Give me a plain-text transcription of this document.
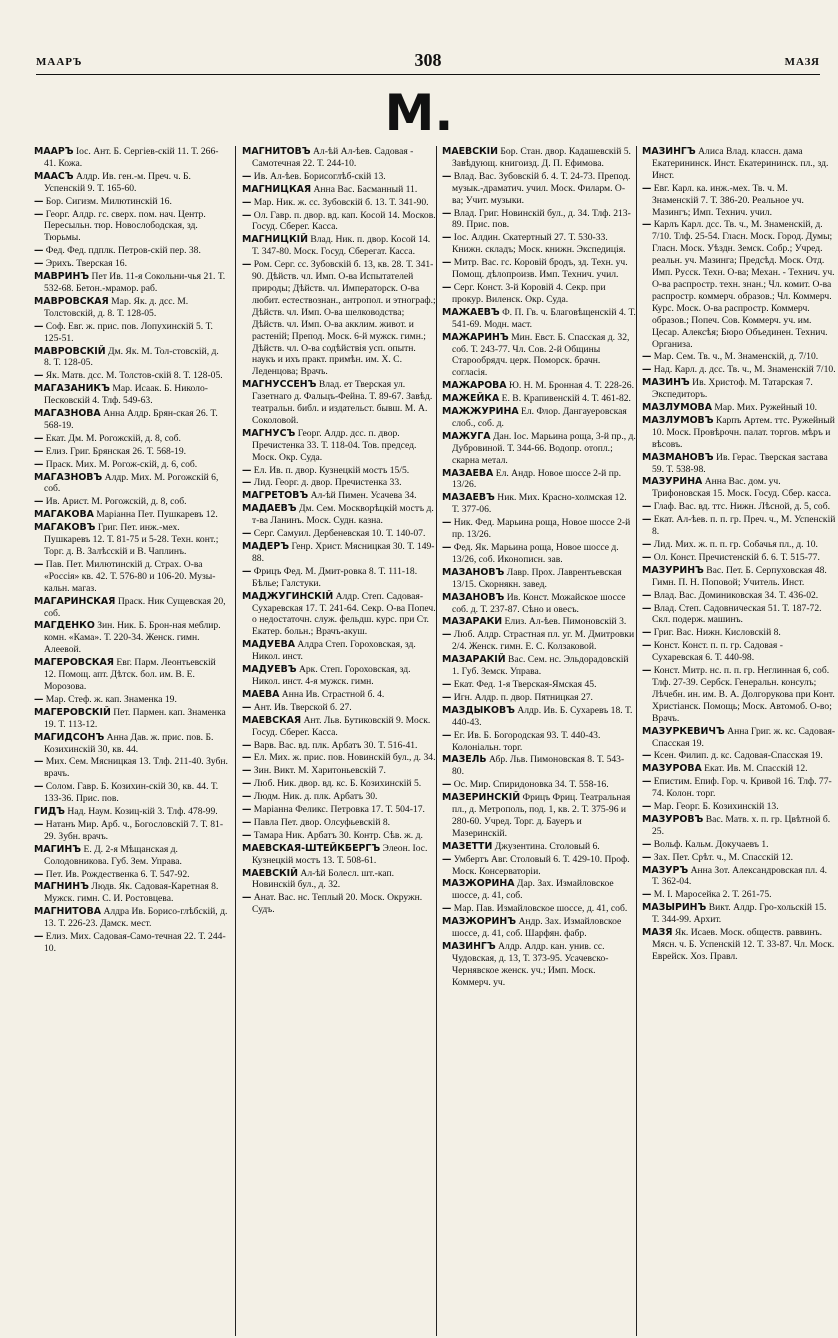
МААРЪ	308	МАЗЯ
М.

МААРЪ Іос. Ант. Б. Сергіев-скій 11. Т. 266-41. Кожа.

МААСЪ Алдр. Ив. ген.-м. Преч. ч. Б. Успенскій 9. Т. 165-60.

— Бор. Сигизм. Милютинскій 16.

— Георг. Алдр. гс. сверх. пом. нач. Центр. Пересыльн. тюр. Новослободская, зд. Тюрьмы.

— Фед. Фед. пдплк. Петров-скій пер. 38.

— Эрихъ. Тверская 16.

МАВРИНЪ Пет Ив. 11-я Сокольни-чья 21. Т. 532-68. Бетон.-мрамор. раб.

МАВРОВСКАЯ Мар. Як. д. дсс. М. Толстовскій, д. 8. Т. 128-05.

— Соф. Евг. ж. прис. пов. Лопухинскій 5. Т. 125-51.

МАВРОВСКІЙ Дм. Як. М. Тол-стовскій, д. 8. Т. 128-05.

— Як. Матв. дсс. М. Толстов-скій 8. Т. 128-05.

МАГАЗАНИКЪ Мар. Исаак. Б. Николо-Песковскій 4. Тлф. 549-63.

МАГАЗНОВА Анна Алдр. Брян-ская 26. Т. 568-19.

— Екат. Дм. М. Рогожскій, д. 8, соб.

— Елиз. Григ. Брянская 26. Т. 568-19.

— Праск. Мих. М. Рогож-скій, д. 6, соб.

МАГАЗНОВЪ Алдр. Мих. М. Рогожскій 6, соб.

— Ив. Арист. М. Рогожскій, д. 8, соб.

МАГАКОВА Маріанна Пет. Пушкаревъ 12.

МАГАКОВЪ Григ. Пет. инж.-мех. Пушкаревъ 12. Т. 81-75 и 5-28. Техн. конт.; Торг. д. В. Залѣсскій и В. Чаплинъ.

— Пав. Пет. Милютинскій д. Страх. О-ва «Россія» кв. 42. Т. 576-80 и 106-20. Музы-кальн. магаз.

МАГАРИНСКАЯ Праск. Ник Сущевская 20, соб.

МАГДЕНКО Зин. Ник. Б. Брон-ная меблир. комн. «Кама». Т. 220-34. Женск. гимн. Алеевой.

МАГЕРОВСКАЯ Евг. Парм. Леонтьевскій 12. Помощ. апт. Дѣтск. бол. им. В. Е. Морозова.

— Мар. Стеф. ж. кап. Знаменка 19.

МАГЕРОВСКІЙ Пет. Пармен. кап. Знаменка 19. Т. 113-12.

МАГИДСОНЪ Анна Дав. ж. прис. пов. Б. Козихинскій 30, кв. 44.

— Мих. Сем. Мясницкая 13. Тлф. 211-40. Зубн. врачъ.

— Солом. Гавр. Б. Козихин-скій 30, кв. 44. Т. 133-36. Прис. пов.

ГИДЪ Над. Наум. Козиц-кій 3. Тлф. 478-99.

— Натанъ Мир. Арб. ч., Богословскій 7. Т. 81-29. Зубн. врачъ.

МАГИНЪ Е. Д. 2-я Мѣщанская д. Солодовникова. Губ. Зем. Управа.

— Пет. Ив. Рождественка 6. Т. 547-92.

МАГНИНЪ Людв. Як. Садовая-Каретная 8. Мужск. гимн. С. И. Ростовцева.

МАГНИТОВА Алдра Ив. Борисо-глѣбскій, д. 13. Т. 226-23. Дамск. мест.

— Елиз. Мих. Садовая-Само-течная 22. Т. 244-10.

МАГНИТОВЪ Ал-ѣй Ал-ѣев. Садовая - Самотечная 22. Т. 244-10.

— Ив. Ал-ѣев. Борисоглѣб-скій 13.

МАГНИЦКАЯ Анна Вас. Басманный 11.

— Мар. Ник. ж. сс. Зубовскій б. 13. Т. 341-90.

— Ол. Гавр. п. двор. вд. кап. Косой 14. Москов. Госуд. Сберег. Касса.

МАГНИЦКІЙ Влад. Ник. п. двор. Косой 14. Т. 347-80. Моск. Госуд. Сберегат. Касса.

— Ром. Серг. сс. Зубовскій б. 13, кв. 28. Т. 341-90. Дѣйств. чл. Имп. О-ва Испытателей природы; Дѣйств. чл. Императорск. О-ва любит. естествознан., антропол. и этнограф.; Дѣйств. чл. Имп. О-ва шелководства; Дѣйств. чл. Имп. О-ва акклим. живот. и растеній; Препод. Моск. 6-й мужск. гимн.; Дѣйств. чл. О-ва содѣйствія усп. опытн. наукъ и ихъ практ. примѣн. им. Х. С. Леденцова; Врачъ.

МАГНУССЕНЪ Влад. ет Тверская ул. Газетнаго д. Фальцъ-Фейна. Т. 89-67. Завѣд. театральн. библ. и издательст. бывш. М. А. Соколовой.

МАГНУСЪ Георг. Алдр. дсс. п. двор. Пречистенка 33. Т. 118-04. Тов. председ. Моск. Окр. Суда.

— Ел. Ив. п. двор. Кузнецкій мостъ 15/5.

— Лид. Георг. д. двор. Пречистенка 33.

МАГРЕТОВЪ Ал-ѣй Пимен. Усачева 34.

МАДАЕВЪ Дм. Сем. Москворѣцкій мостъ д. т-ва Ланинъ. Моск. Судн. казна.

— Серг. Самуил. Дербеневская 10. Т. 140-07.

МАДЕРЪ Генр. Христ. Мясницкая 30. Т. 149-88.

— Фрицъ Фед. М. Дмит-ровка 8. Т. 111-18. Бѣлье; Галстуки.

МАДЖУГИНСКІЙ Алдр. Степ. Садовая-Сухаревская 17. Т. 241-64. Секр. О-ва Попеч. о недостаточн. служ. фельдш. курс. при Ст. Екатер. больн.; Врачъ-акуш.

МАДУЕВА Алдра Степ. Гороховская, зд. Никол. инст.

МАДУЕВЪ Арк. Степ. Гороховская, зд. Никол. инст. 4-я мужск. гимн.

МАЕВА Анна Ив. Страстной б. 4.

— Ант. Ив. Тверской б. 27.

МАЕВСКАЯ Ант. Льв. Бутиковскій 9. Моск. Госуд. Сберег. Касса.

— Варв. Вас. вд. плк. Арбатъ 30. Т. 516-41.

— Ел. Мих. ж. прис. пов. Новинскій бул., д. 34.

— Зин. Викт. М. Харитоньевскій 7.

— Люб. Ник. двор. вд. кс. Б. Козихинскій 5.

— Людм. Ник. д. плк. Арбатъ 30.

— Маріанна Феликс. Петровка 17. Т. 504-17.

— Павла Пет. двор. Олсуфьевскій 8.

— Тамара Ник. Арбатъ 30. Контр. Сѣв. ж. д.

МАЕВСКАЯ-ШТЕЙКБЕРГЪ Элеон. Іос. Кузнецкій мостъ 13. Т. 508-61.

МАЕВСКІЙ Ал-ѣй Болесл. шт.-кап. Новинскій бул., д. 32.

— Анат. Вас. нс. Теплый 20. Моск. Окружн. Судъ.

МАЕВСКІЙ Бор. Стан. двор. Кадашевскій 5. Завѣдующ. книгоизд. Д. П. Ефимова.

— Влад. Вас. Зубовскій б. 4. Т. 24-73. Препод. музык.-драматич. учил. Моск. Филарм. О-ва; Учит. музыки.

— Влад. Григ. Новинскій бул., д. 34. Тлф. 213-89. Прис. пов.

— Іос. Алдин. Скатертный 27. Т. 530-33. Книжн. складъ; Моск. книжн. Экспедиція.

— Митр. Вас. гс. Коровій бродъ, зд. Техн. уч. Помощ. дѣлопроизв. Имп. Технич. учил.

— Серг. Конст. 3-й Коровій 4. Секр. при прокур. Виленск. Окр. Суда.

МАЖАЕВЪ Ф. П. Гв. ч. Благовѣщенскій 4. Т. 541-69. Модн. маст.

МАЖАРИНЪ Мин. Евст. Б. Спасская д. 32, соб. Т. 243-77. Чл. Сов. 2-й Общины Старообрядч. церк. Поморск. брачн. согласія.

МАЖАРОВА Ю. Н. М. Бронная 4. Т. 228-26.

МАЖЕЙКА Е. В. Крапивенскій 4. Т. 461-82.

МАЖЖУРИНА Ел. Флор. Дангауеровская слоб., соб. д.

МАЖУГА Дан. Іос. Марьина роща, 3-й пр., д. Дубровиной. Т. 344-66. Водопр. отопл.; скарна метал.

МАЗАЕВА Ел. Андр. Новое шоссе 2-й пр. 13/26.

МАЗАЕВЪ Ник. Мих. Красно-холмская 12. Т. 377-06.

— Ник. Фед. Марьина роща, Новое шоссе 2-й пр. 13/26.

— Фед. Як. Марьина роща, Новое шоссе д. 13/26, соб. Иконописн. зав.

МАЗАНОВЪ Лавр. Прох. Лаврентьевская 13/15. Скорнякн. завед.

МАЗАНОВЪ Ив. Конст. Можайское шоссе соб. д. Т. 237-87. Сѣно и овесъ.

МАЗАРАКИ Елиз. Ал-ѣев. Пимоновскій 3.

— Люб. Алдр. Страстная пл. уг. М. Дмитровки 2/4. Женск. гимн. Е. С. Колзаковой.

МАЗАРАКІЙ Вас. Сем. нс. Эльдорадовскій 1. Губ. Земск. Управа.

— Екат. Фед. 1-я Тверская-Ямская 45.

— Игн. Алдр. п. двор. Пятницкая 27.

МАЗДЫКОВЪ Алдр. Ив. Б. Сухаревъ 18. Т. 440-43.

— Ег. Ив. Б. Богородская 93. Т. 440-43. Колоніальн. торг.

МАЗЕЛЬ Абр. Льв. Пимоновская 8. Т. 543-80.

— Ос. Мир. Спиридоновка 34. Т. 558-16.

МАЗЕРИНСКІЙ Фрицъ Фриц. Театральная пл., д. Метрополь, под. 1, кв. 2. Т. 375-96 и 280-60. Учред. Торг. д. Бауеръ и Мазеринскій.

МАЗЕТТИ Джузентина. Столовый 6.

— Умбертъ Авг. Столовый 6. Т. 429-10. Проф. Моск. Консерваторіи.

МАЗЖОРИНА Дар. Зах. Измайловское шоссе, д. 41, соб.

— Мар. Пав. Измайловское шоссе, д. 41, соб.

МАЗЖОРИНЪ Андр. Зах. Измайловское шоссе, д. 41, соб. Шарфян. фабр.

МАЗИНГЪ Алдр. Алдр. кан. унив. сс. Чудовская, д. 13, Т. 373-95. Усачевско-Чернявское женск. уч.; Имп. Моск. Коммерч. уч.

МАЗИНГЪ Алиса Влад. классн. дама Екатерининск. Инст. Екатерининск. пл., зд. Инст.

— Евг. Карл. ка. инж.-мех. Тв. ч. М. Знаменскій 7. Т. 386-20. Реальное уч. Мазингъ; Имп. Технич. учил.

— Карлъ Карл. дсс. Тв. ч., М. Знаменскій, д. 7/10. Тлф. 25-54. Гласн. Моск. Город. Думы; Гласн. Моск. Уѣздн. Земск. Собр.; Учред. реальн. уч. Мазинга; Предсѣд. Моск. Отд. Имп. Русск. Техн. О-ва; Механ. - Технич. уч. О-ва распростр. техн. знан.; Чл. комит. О-ва распростр. коммерч. образов.; Чл. Коммерч. Курс. Моск. О-ва распростр. Коммерч. образов.; Попеч. Сов. Коммерч. уч. им. Цесар. Алексѣя; Бюро Объединен. Технич. Организа.

— Мар. Сем. Тв. ч., М. Знаменскій, д. 7/10.

— Над. Карл. д. дсс. Тв. ч., М. Знаменскій 7/10.

МАЗИНЪ Ив. Христоф. М. Татарская 7. Экспедиторъ.

МАЗЛУМОВА Мар. Мих. Ружейный 10.

МАЗЛУМОВЪ Карпъ Артем. ттс. Ружейный 10. Моск. Провѣрочн. палат. торгов. мѣръ и вѣсовъ.

МАЗМАНОВЪ Ив. Герас. Тверская застава 59. Т. 538-98.

МАЗУРИНА Анна Вас. дом. уч. Трифоновская 15. Моск. Госуд. Сбер. касса.

— Глаф. Вас. вд. ттс. Нижн. Лѣсной, д. 5, соб.

— Екат. Ал-ѣев. п. п. гр. Преч. ч., М. Успенскій 8.

— Лид. Мих. ж. п. п. гр. Собачья пл., д. 10.

— Ол. Конст. Пречистенскій б. 6. Т. 515-77.

МАЗУРИНЪ Вас. Пет. Б. Серпуховская 48. Гимн. П. Н. Поповой; Учитель. Инст.

— Влад. Вас. Доминиковская 34. Т. 436-02.

— Влад. Степ. Садовническая 51. Т. 187-72. Скл. подерж. машинъ.

— Григ. Вас. Нижн. Кисловскій 8.

— Конст. Конст. п. п. гр. Садовая - Сухаревская 6. Т. 440-98.

— Конст. Митр. нс. п. п. гр. Неглинная 6, соб. Тлф. 27-39. Сербск. Генеральн. консулъ; Лѣчебн. ин. им. В. А. Долгорукова при Конт. Христіанск. Помощь; Моск. Автомоб. О-во; Врачъ.

МАЗУРКЕВИЧЪ Анна Григ. ж. кс. Садовая-Спасская 19.

— Ксен. Филип. д. кс. Садовая-Спасская 19.

МАЗУРОВА Екат. Ив. М. Спасскій 12.

— Епистим. Епиф. Гор. ч. Кривой 16. Тлф. 77-74. Колон. торг.

— Мар. Георг. Б. Козихинскій 13.

МАЗУРОВЪ Вас. Матв. х. п. гр. Цвѣтной б. 25.

— Вольф. Кальм. Докучаевъ 1.

— Зах. Пет. Срѣт. ч., М. Спасскій 12.

МАЗУРЪ Анна Зот. Александровская пл. 4. Т. 362-04.

— М. І. Маросейка 2. Т. 261-75.

МАЗЫРИНЪ Викт. Алдр. Гро-хольскій 15. Т. 344-99. Архит.

МАЗЯ Як. Исаев. Моск. обществ. раввинъ. Мясн. ч. Б. Успенскій 12. Т. 33-87. Чл. Моск. Еврейск. Хоз. Правл.
